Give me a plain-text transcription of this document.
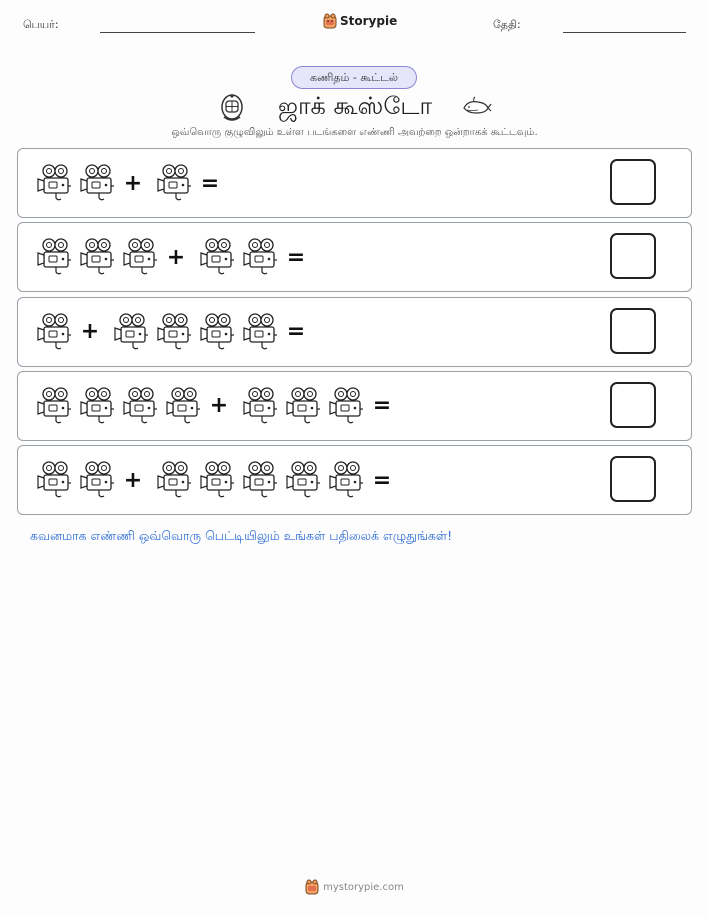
பெயர்:	Storypie	தேதி:
கணிதம் - கூட்டல்
ஜாக் கூஸ்டோ
ஒவ்வொரு குழுவிலும் உள்ள படங்களை எண்ணி அவற்றை ஒன்றாகக் கூட்டவும்.
+	=
+	=
+	=
+	=
+	=
கவனமாக எண்ணி ஒவ்வொரு பெட்டியிலும் உங்கள் பதிலைக் எழுதுங்கள்!
mystorypie.com
